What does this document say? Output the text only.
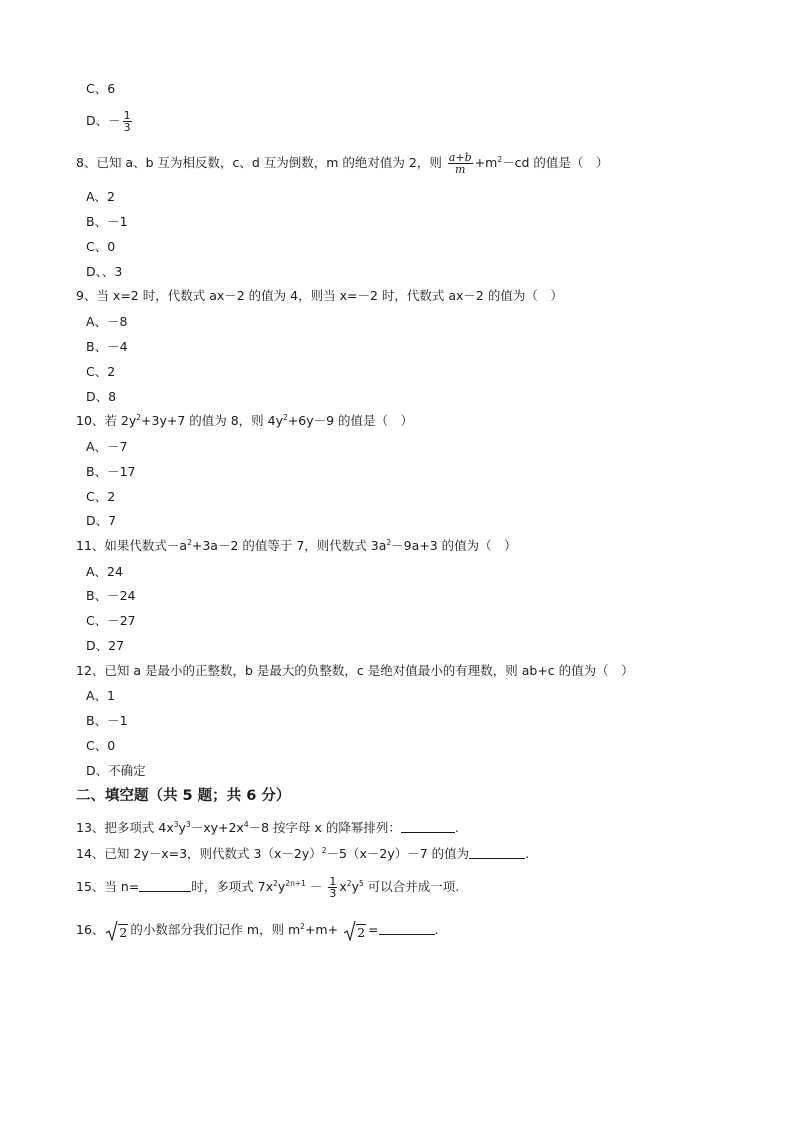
C、6
D、－ $\frac{1}{3}$
8、已知 a、b 互为相反数，c、d 互为倒数，m 的绝对值为 2，则 $\frac{a+b}{m} +m^2-cd$ 的值是（　）
A、2
B、－1
C、0
D、、3
9、当 x=2 时，代数式 ax－2 的值为 4，则当 x=－2 时，代数式 ax－2 的值为（　）
A、－8
B、－4
C、2
D、8
10、若 $2y^2+3y+7$ 的值为 8，则 $4y^2+6y-9$ 的值是（　）
A、－7
B、－17
C、2
D、7
11、如果代数式$-a^2+3a-2$ 的值等于 7，则代数式 $3a^2-9a+3$ 的值为（　）
A、24
B、－24
C、－27
D、27
12、已知 a 是最小的正整数，b 是最大的负整数，c 是绝对值最小的有理数，则 ab+c 的值为（　）
A、1
B、－1
C、0
D、不确定
二、填空题（共 5 题；共 6 分）
13、把多项式 $4x^3y^3-xy+2x^4-8$ 按字母 x 的降幂排列：	.
14、已知 2y－x=3，则代数式 $3(x-2y)^2-5(x-2y)-7$ 的值为	.
15、当 n=	时，多项式 $7x^2y^{2n+1} - \frac{1}{3} x^2y^5$ 可以合并成一项.
16、 2 的小数部分我们记作 m，则 $m^2+m+ 2$ =	.
